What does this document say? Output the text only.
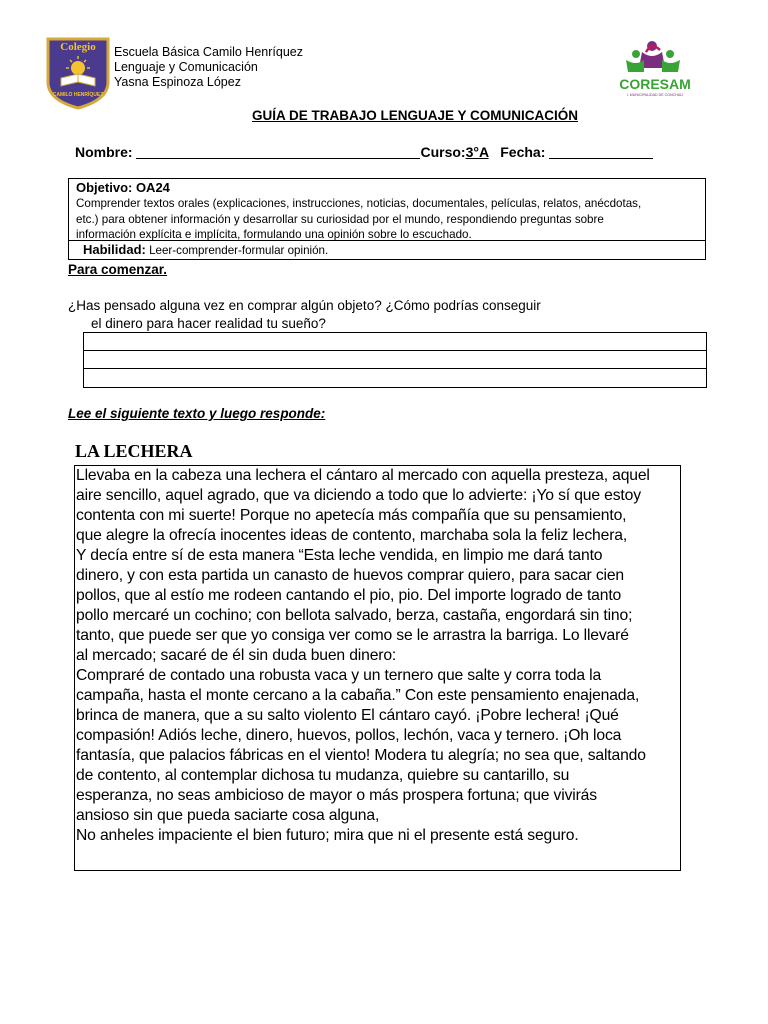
Colegio
CAMILO HENRÍQUEZ
Escuela Básica Camilo Henríquez
Lenguaje y Comunicación
Yasna Espinoza López	CORESAM
I. MUNICIPALIDAD DE CONCHALÍ
GUÍA DE TRABAJO LENGUAJE Y COMUNICACIÓN
Nombre:	Curso:3°A Fecha:
Objetivo: OA24
Comprender textos orales (explicaciones, instrucciones, noticias, documentales, películas, relatos, anécdotas,
etc.) para obtener información y desarrollar su curiosidad por el mundo, respondiendo preguntas sobre
información explícita e implícita, formulando una opinión sobre lo escuchado.
Habilidad: Leer-comprender-formular opinión.
Para comenzar.
¿Has pensado alguna vez en comprar algún objeto? ¿Cómo podrías conseguir
el dinero para hacer realidad tu sueño?
Lee el siguiente texto y luego responde:
LA LECHERA
Llevaba en la cabeza una lechera el cántaro al mercado con aquella presteza, aquel
aire sencillo, aquel agrado, que va diciendo a todo que lo advierte: ¡Yo sí que estoy
contenta con mi suerte! Porque no apetecía más compañía que su pensamiento,
que alegre la ofrecía inocentes ideas de contento, marchaba sola la feliz lechera,
Y decía entre sí de esta manera “Esta leche vendida, en limpio me dará tanto
dinero, y con esta partida un canasto de huevos comprar quiero, para sacar cien
pollos, que al estío me rodeen cantando el pio, pio. Del importe logrado de tanto
pollo mercaré un cochino; con bellota salvado, berza, castaña, engordará sin tino;
tanto, que puede ser que yo consiga ver como se le arrastra la barriga. Lo llevaré
al mercado; sacaré de él sin duda buen dinero:
Compraré de contado una robusta vaca y un ternero que salte y corra toda la
campaña, hasta el monte cercano a la cabaña.” Con este pensamiento enajenada,
brinca de manera, que a su salto violento El cántaro cayó. ¡Pobre lechera! ¡Qué
compasión! Adiós leche, dinero, huevos, pollos, lechón, vaca y ternero. ¡Oh loca
fantasía, que palacios fábricas en el viento! Modera tu alegría; no sea que, saltando
de contento, al contemplar dichosa tu mudanza, quiebre su cantarillo, su
esperanza, no seas ambicioso de mayor o más prospera fortuna; que vivirás
ansioso sin que pueda saciarte cosa alguna,
No anheles impaciente el bien futuro; mira que ni el presente está seguro.
